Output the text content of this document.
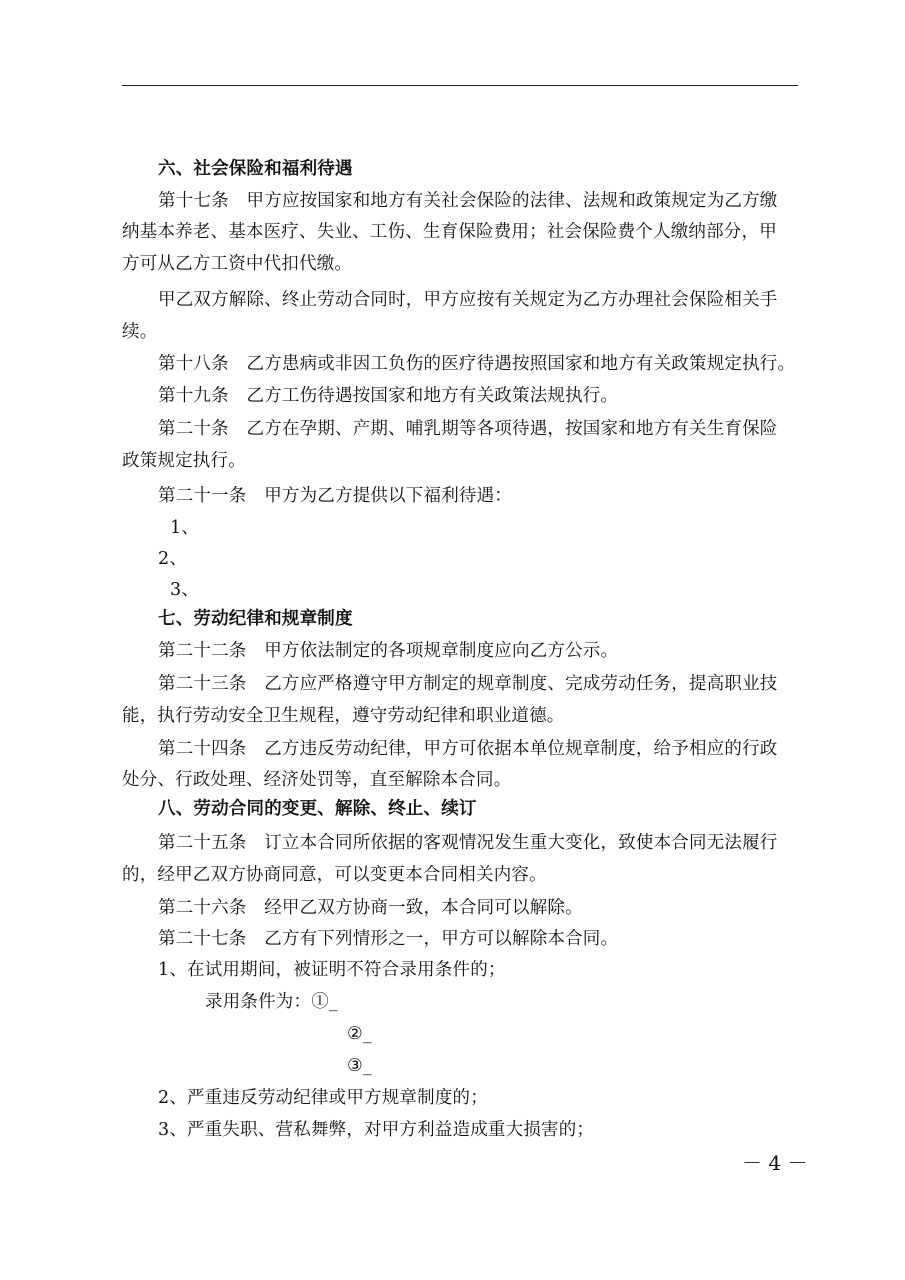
六、社会保险和福利待遇
第十七条　甲方应按国家和地方有关社会保险的法律、法规和政策规定为乙方缴
纳基本养老、基本医疗、失业、工伤、生育保险费用；社会保险费个人缴纳部分，甲
方可从乙方工资中代扣代缴。
甲乙双方解除、终止劳动合同时，甲方应按有关规定为乙方办理社会保险相关手
续。
第十八条　乙方患病或非因工负伤的医疗待遇按照国家和地方有关政策规定执行。
第十九条　乙方工伤待遇按国家和地方有关政策法规执行。
第二十条　乙方在孕期、产期、哺乳期等各项待遇，按国家和地方有关生育保险
政策规定执行。
第二十一条　甲方为乙方提供以下福利待遇：
1、
2、
3、
七、劳动纪律和规章制度
第二十二条　甲方依法制定的各项规章制度应向乙方公示。
第二十三条　乙方应严格遵守甲方制定的规章制度、完成劳动任务，提高职业技
能，执行劳动安全卫生规程，遵守劳动纪律和职业道德。
第二十四条　乙方违反劳动纪律，甲方可依据本单位规章制度，给予相应的行政
处分、行政处理、经济处罚等，直至解除本合同。
八、劳动合同的变更、解除、终止、续订
第二十五条　订立本合同所依据的客观情况发生重大变化，致使本合同无法履行
的，经甲乙双方协商同意，可以变更本合同相关内容。
第二十六条　经甲乙双方协商一致，本合同可以解除。
第二十七条　乙方有下列情形之一，甲方可以解除本合同。
1、在试用期间，被证明不符合录用条件的；
录用条件为：①_
②_
③_
2、严重违反劳动纪律或甲方规章制度的；
3、严重失职、营私舞弊，对甲方利益造成重大损害的；
－ 4 －
